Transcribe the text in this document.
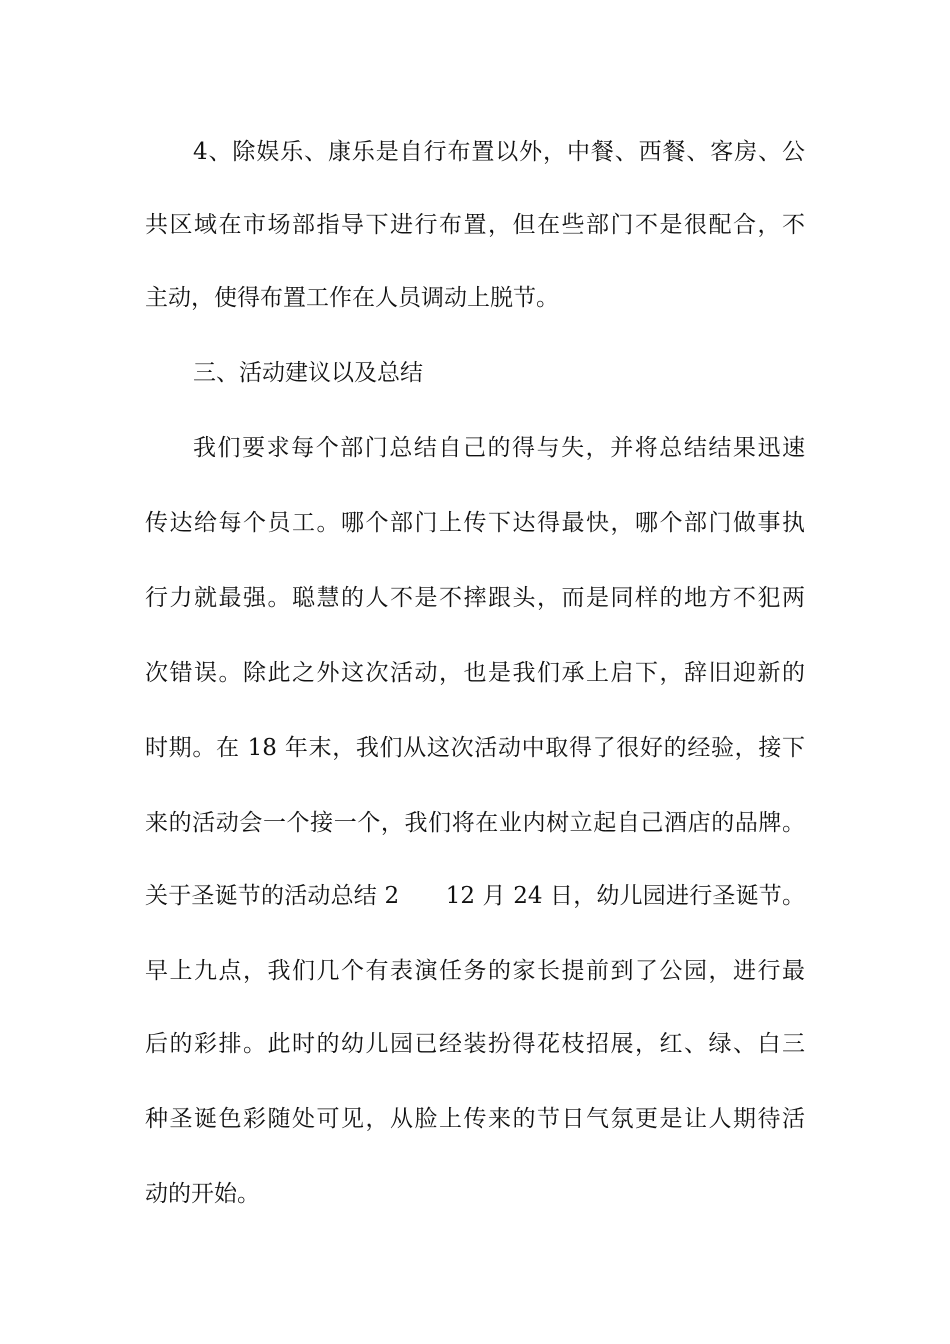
4、除娱乐、康乐是自行布置以外，中餐、西餐、客房、公
共区域在市场部指导下进行布置，但在些部门不是很配合，不
主动，使得布置工作在人员调动上脱节。
三、活动建议以及总结
我们要求每个部门总结自己的得与失，并将总结结果迅速
传达给每个员工。哪个部门上传下达得最快，哪个部门做事执
行力就最强。聪慧的人不是不摔跟头，而是同样的地方不犯两
次错误。除此之外这次活动，也是我们承上启下，辞旧迎新的
时期。在 18 年末，我们从这次活动中取得了很好的经验，接下
来的活动会一个接一个，我们将在业内树立起自己酒店的品牌。
关于圣诞节的活动总结 2　　12 月 24 日，幼儿园进行圣诞节。
早上九点，我们几个有表演任务的家长提前到了公园，进行最
后的彩排。此时的幼儿园已经装扮得花枝招展，红、绿、白三
种圣诞色彩随处可见，从脸上传来的节日气氛更是让人期待活
动的开始。
